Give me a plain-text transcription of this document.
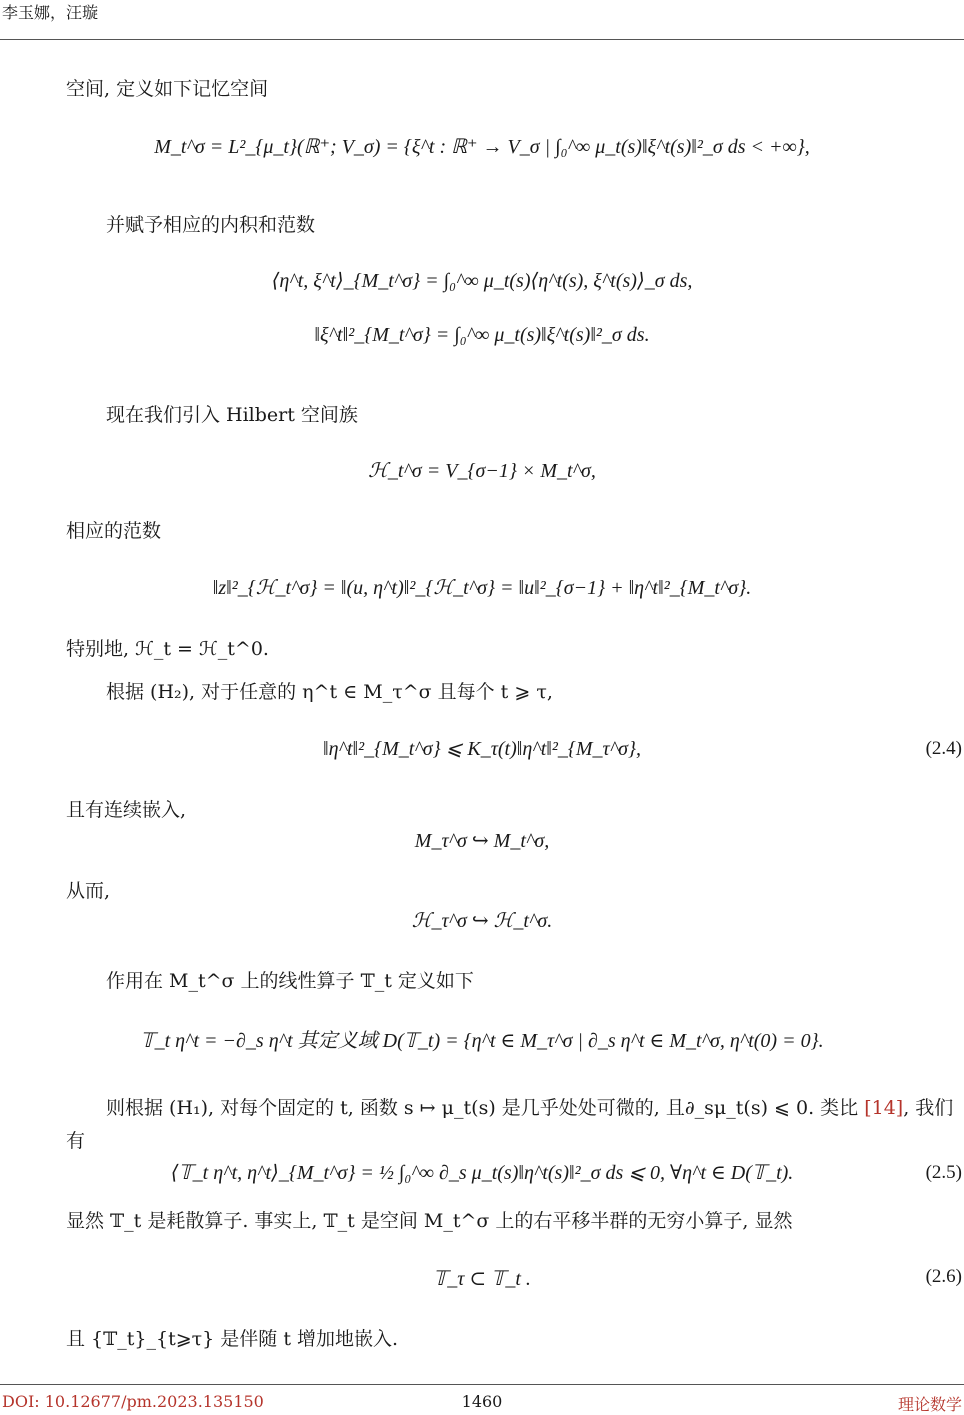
李玉娜，汪璇
空间, 定义如下记忆空间
M_t^σ = L²_{μ_t}(ℝ⁺; V_σ) = {ξ^t : ℝ⁺ → V_σ | ∫₀^∞ μ_t(s)‖ξ^t(s)‖²_σ ds < +∞},
并赋予相应的内积和范数
⟨η^t, ξ^t⟩_{M_t^σ} = ∫₀^∞ μ_t(s)⟨η^t(s), ξ^t(s)⟩_σ ds,
‖ξ^t‖²_{M_t^σ} = ∫₀^∞ μ_t(s)‖ξ^t(s)‖²_σ ds.
现在我们引入 Hilbert 空间族
ℋ_t^σ = V_{σ−1} × M_t^σ,
相应的范数
‖z‖²_{ℋ_t^σ} = ‖(u, η^t)‖²_{ℋ_t^σ} = ‖u‖²_{σ−1} + ‖η^t‖²_{M_t^σ}.
特别地, ℋ_t = ℋ_t^0.
根据 (H₂), 对于任意的 η^t ∈ M_τ^σ 且每个 t ⩾ τ,
‖η^t‖²_{M_t^σ} ⩽ K_τ(t)‖η^t‖²_{M_τ^σ},	(2.4)
且有连续嵌入,
M_τ^σ ↪ M_t^σ,
从而,
ℋ_τ^σ ↪ ℋ_t^σ.
作用在 M_t^σ 上的线性算子 𝕋_t 定义如下
𝕋_t η^t = −∂_s η^t 其定义域 D(𝕋_t) = {η^t ∈ M_τ^σ | ∂_s η^t ∈ M_t^σ, η^t(0) = 0}.
则根据 (H₁), 对每个固定的 t, 函数 s ↦ μ_t(s) 是几乎处处可微的, 且∂_sμ_t(s) ⩽ 0. 类比 [14], 我们
有
⟨𝕋_t η^t, η^t⟩_{M_t^σ} = ½ ∫₀^∞ ∂_s μ_t(s)‖η^t(s)‖²_σ ds ⩽ 0, ∀η^t ∈ D(𝕋_t).	(2.5)
显然 𝕋_t 是耗散算子. 事实上, 𝕋_t 是空间 M_t^σ 上的右平移半群的无穷小算子, 显然
𝕋_τ ⊂ 𝕋_t .	(2.6)
且 {𝕋_t}_{t⩾τ} 是伴随 t 增加地嵌入.
DOI: 10.12677/pm.2023.135150	1460	理论数学
